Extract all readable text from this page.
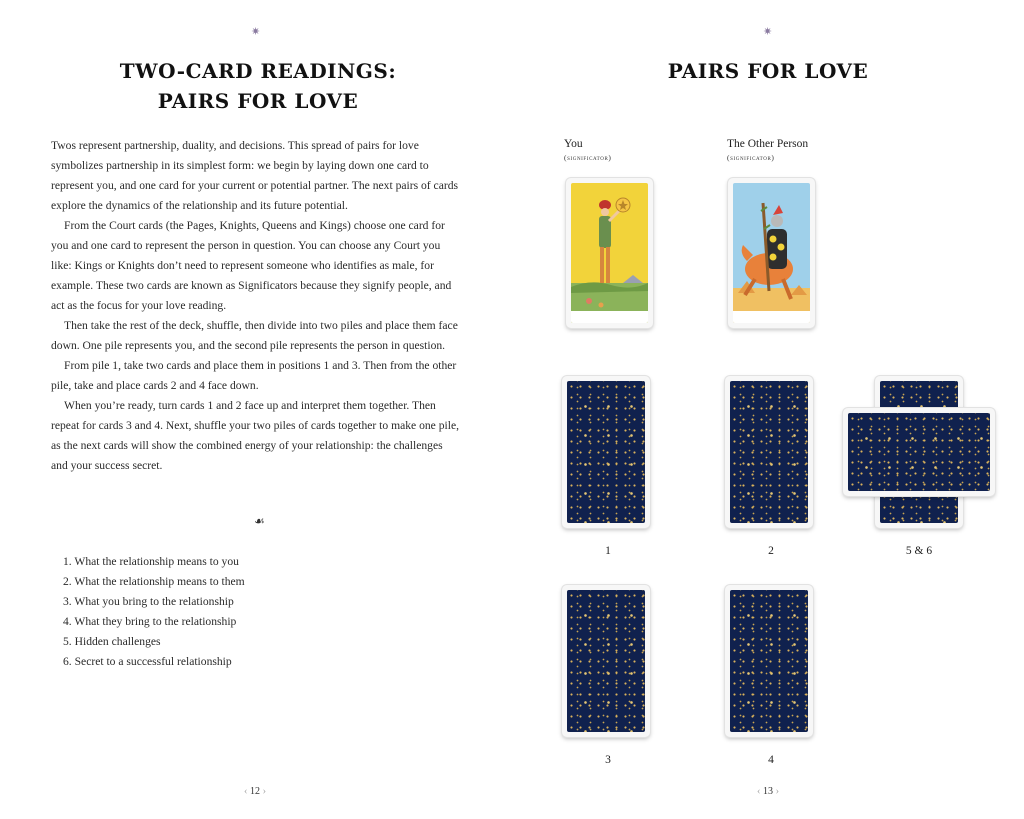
✷
TWO-CARD READINGS:
PAIRS FOR LOVE

Twos represent partnership, duality, and decisions. This spread of pairs for love symbolizes partnership in its simplest form: we begin by laying down one card to represent you, and one card for your current or potential partner. The next pairs of cards explore the dynamics of the relationship and its future potential.

From the Court cards (the Pages, Knights, Queens and Kings) choose one card for you and one card to represent the person in question. You can choose any Court you like: Kings or Knights don’t need to represent someone who identifies as male, for example. These two cards are known as Significators because they signify people, and act as the focus for your love reading.

Then take the rest of the deck, shuffle, then divide into two piles and place them face down. One pile represents you, and the second pile represents the person in question.

From pile 1, take two cards and place them in positions 1 and 3. Then from the other pile, take and place cards 2 and 4 face down.

When you’re ready, turn cards 1 and 2 face up and interpret them together. Then repeat for cards 3 and 4. Next, shuffle your two piles of cards together to make one pile, as the next cards will show the combined energy of your relationship: the challenges and your success secret.

☙
1. What the relationship means to you
2. What the relationship means to them
3. What you bring to the relationship
4. What they bring to the relationship
5. Hidden challenges
6. Secret to a successful relationship
‹ 12 ›
✷
PAIRS FOR LOVE
You
(significator)
The Other Person
(significator)
1	2	5 & 6
3	4
‹ 13 ›
